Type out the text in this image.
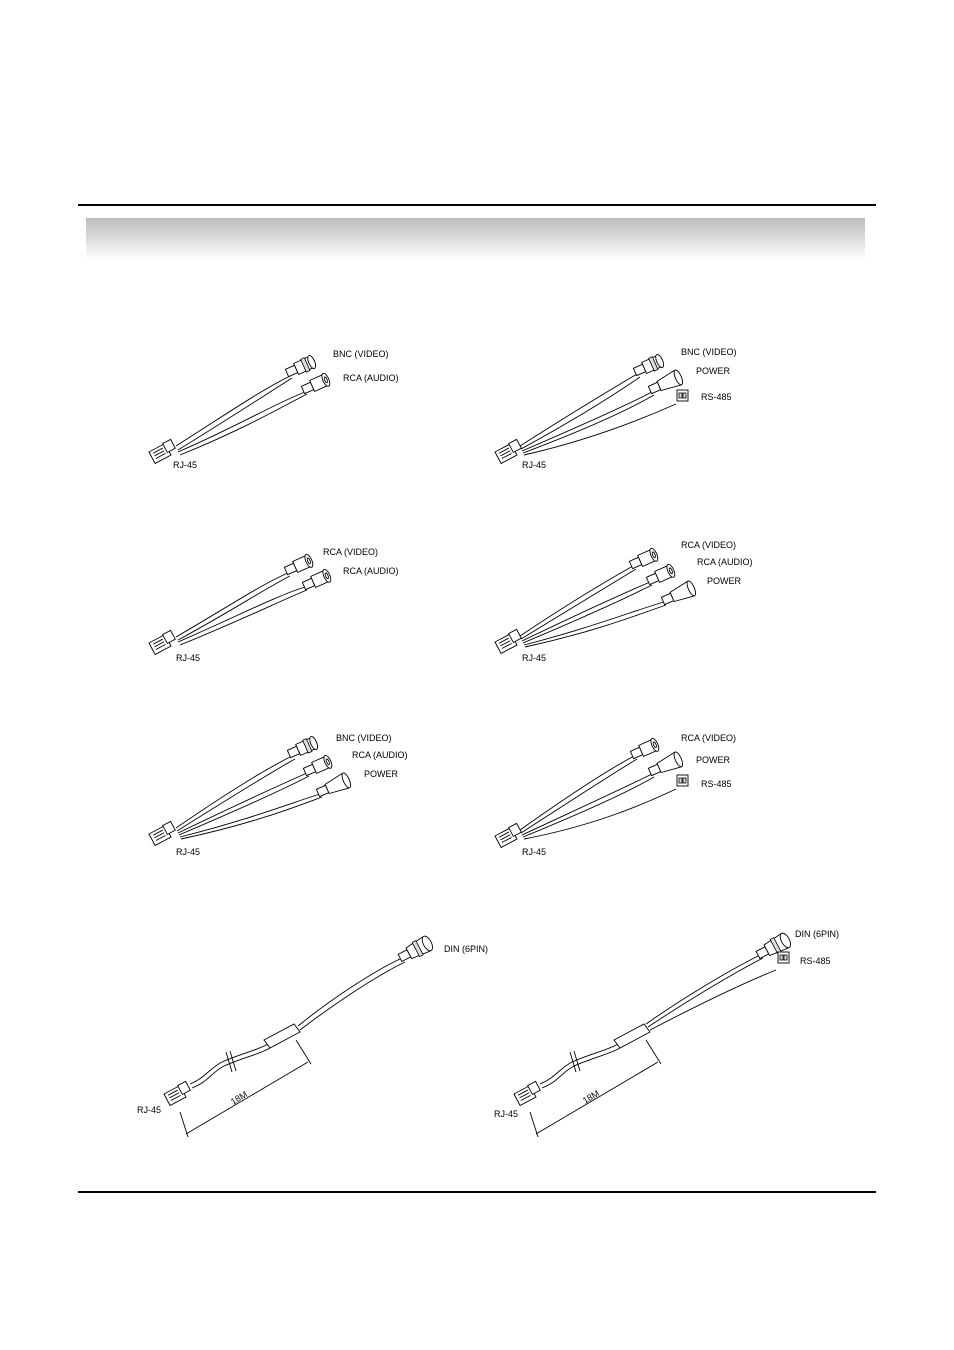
BNC (VIDEO)
RCA (AUDIO)
RJ-45
BNC (VIDEO)
POWER
RS-485
RJ-45
RCA (VIDEO)
RCA (AUDIO)
RJ-45
RCA (VIDEO)
RCA (AUDIO)
POWER
RJ-45
BNC (VIDEO)
RCA (AUDIO)
POWER
RJ-45
RCA (VIDEO)
POWER
RS-485
RJ-45
DIN (6PIN)
18M
RJ-45
DIN (6PIN)
RS-485
18M
RJ-45
